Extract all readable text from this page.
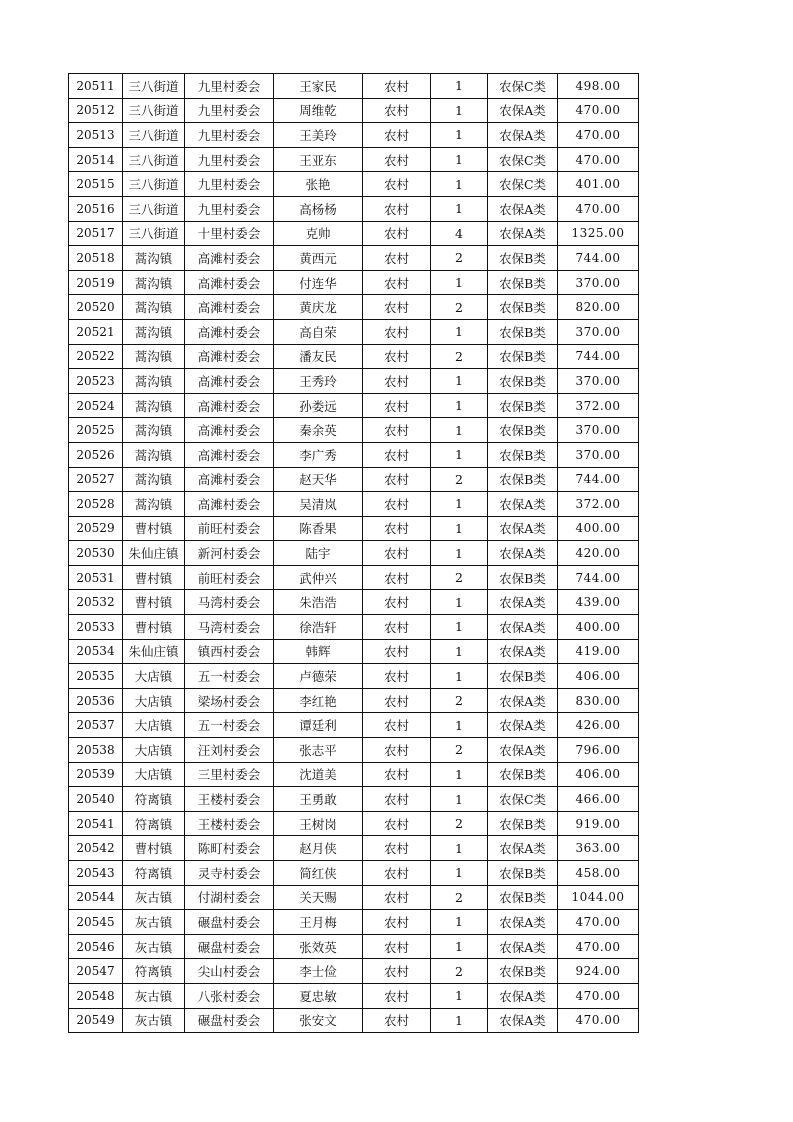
20511	三八街道	九里村委会	王家民	农村	1	农保C类	498.00
20512	三八街道	九里村委会	周维乾	农村	1	农保A类	470.00
20513	三八街道	九里村委会	王美玲	农村	1	农保A类	470.00
20514	三八街道	九里村委会	王亚东	农村	1	农保C类	470.00
20515	三八街道	九里村委会	张艳	农村	1	农保C类	401.00
20516	三八街道	九里村委会	高杨杨	农村	1	农保A类	470.00
20517	三八街道	十里村委会	克帅	农村	4	农保A类	1325.00
20518	蒿沟镇	高滩村委会	黄西元	农村	2	农保B类	744.00
20519	蒿沟镇	高滩村委会	付连华	农村	1	农保B类	370.00
20520	蒿沟镇	高滩村委会	黄庆龙	农村	2	农保B类	820.00
20521	蒿沟镇	高滩村委会	高自荣	农村	1	农保B类	370.00
20522	蒿沟镇	高滩村委会	潘友民	农村	2	农保B类	744.00
20523	蒿沟镇	高滩村委会	王秀玲	农村	1	农保B类	370.00
20524	蒿沟镇	高滩村委会	孙娄远	农村	1	农保B类	372.00
20525	蒿沟镇	高滩村委会	秦余英	农村	1	农保B类	370.00
20526	蒿沟镇	高滩村委会	李广秀	农村	1	农保B类	370.00
20527	蒿沟镇	高滩村委会	赵天华	农村	2	农保B类	744.00
20528	蒿沟镇	高滩村委会	吴清岚	农村	1	农保A类	372.00
20529	曹村镇	前旺村委会	陈香果	农村	1	农保A类	400.00
20530	朱仙庄镇	新河村委会	陆宇	农村	1	农保A类	420.00
20531	曹村镇	前旺村委会	武仲兴	农村	2	农保B类	744.00
20532	曹村镇	马湾村委会	朱浩浩	农村	1	农保A类	439.00
20533	曹村镇	马湾村委会	徐浩轩	农村	1	农保A类	400.00
20534	朱仙庄镇	镇西村委会	韩辉	农村	1	农保A类	419.00
20535	大店镇	五一村委会	卢德荣	农村	1	农保B类	406.00
20536	大店镇	梁场村委会	李红艳	农村	2	农保A类	830.00
20537	大店镇	五一村委会	谭廷利	农村	1	农保A类	426.00
20538	大店镇	汪刘村委会	张志平	农村	2	农保A类	796.00
20539	大店镇	三里村委会	沈道美	农村	1	农保B类	406.00
20540	符离镇	王楼村委会	王勇敢	农村	1	农保C类	466.00
20541	符离镇	王楼村委会	王树岗	农村	2	农保B类	919.00
20542	曹村镇	陈町村委会	赵月侠	农村	1	农保A类	363.00
20543	符离镇	灵寺村委会	简红侠	农村	1	农保B类	458.00
20544	灰古镇	付湖村委会	关天赐	农村	2	农保B类	1044.00
20545	灰古镇	碾盘村委会	王月梅	农村	1	农保A类	470.00
20546	灰古镇	碾盘村委会	张效英	农村	1	农保A类	470.00
20547	符离镇	尖山村委会	李士俭	农村	2	农保B类	924.00
20548	灰古镇	八张村委会	夏忠敏	农村	1	农保A类	470.00
20549	灰古镇	碾盘村委会	张安文	农村	1	农保A类	470.00
